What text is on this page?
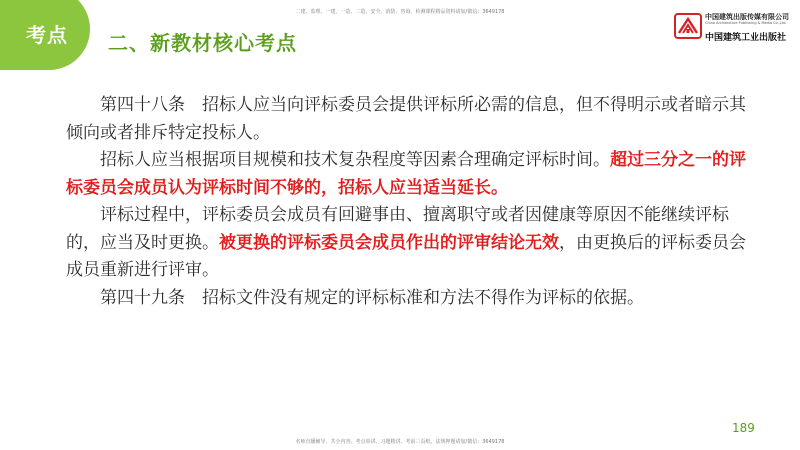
考点 二、新教材核心考点
二建、监理、一建、一造、二造、安全、消防、咨询、检测课程精品资料请加/微信：3649178
中国建筑出版传媒有限公司
China Architecture Publishing & Media Co.,Ltd.
中国建筑工业出版社

第四十八条 招标人应当向评标委员会提供评标所必需的信息，但不得明示或者暗示其倾向或者排斥特定投标人。

招标人应当根据项目规模和技术复杂程度等因素合理确定评标时间。超过三分之一的评标委员会成员认为评标时间不够的，招标人应当适当延长。

评标过程中，评标委员会成员有回避事由、擅离职守或者因健康等原因不能继续评标的，应当及时更换。被更换的评标委员会成员作出的评审结论无效，由更换后的评标委员会成员重新进行评审。

第四十九条 招标文件没有规定的评标标准和方法不得作为评标的依据。

189
名师直播辅导、共全内容、考点串讲、习题精讲、考前三页纸、法规押题请加/微信：3649178
